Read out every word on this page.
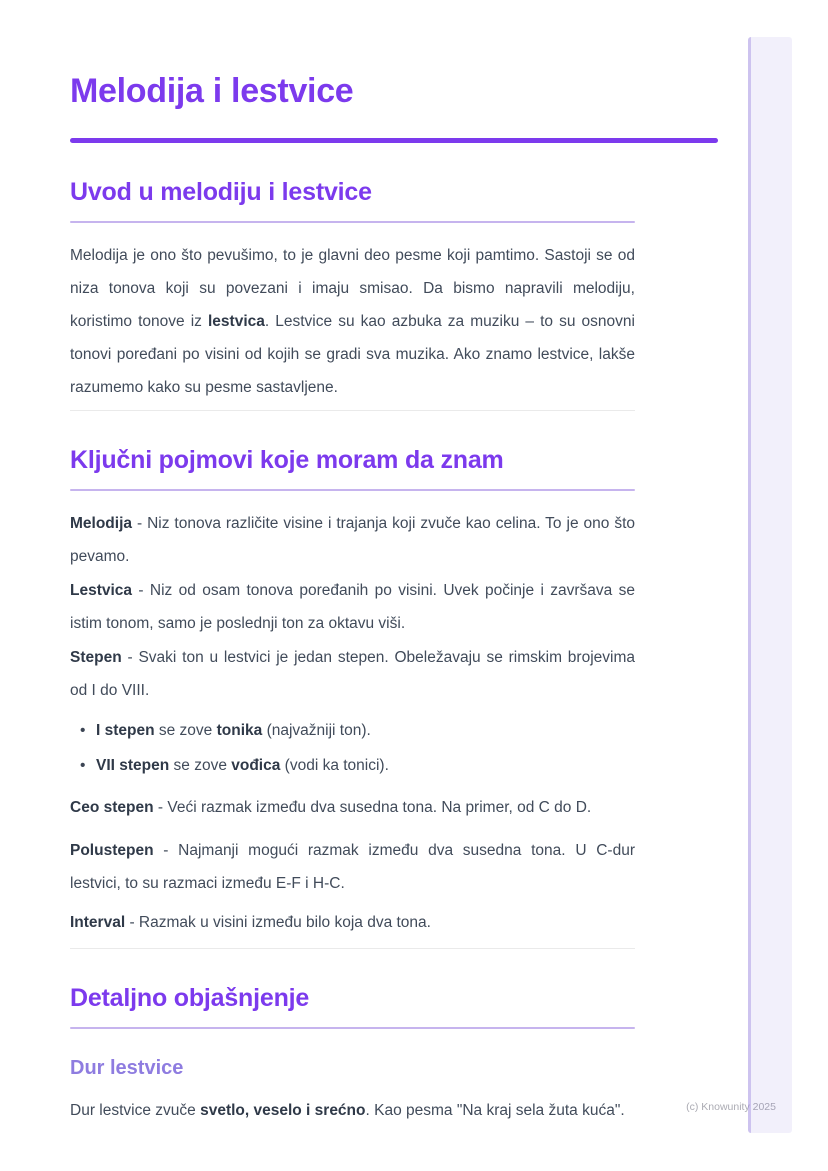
Melodija i lestvice
Uvod u melodiju i lestvice

Melodija je ono što pevušimo, to je glavni deo pesme koji pamtimo. Sastoji se od niza tonova koji su povezani i imaju smisao. Da bismo napravili melodiju, koristimo tonove iz lestvica. Lestvice su kao azbuka za muziku – to su osnovni tonovi poređani po visini od kojih se gradi sva muzika. Ako znamo lestvice, lakše razumemo kako su pesme sastavljene.

Ključni pojmovi koje moram da znam

Melodija - Niz tonova različite visine i trajanja koji zvuče kao celina. To je ono što pevamo.

Lestvica - Niz od osam tonova poređanih po visini. Uvek počinje i završava se istim tonom, samo je poslednji ton za oktavu viši.

Stepen - Svaki ton u lestvici je jedan stepen. Obeležavaju se rimskim brojevima od I do VIII.

• I stepen se zove tonika (najvažniji ton).
• VII stepen se zove vođica (vodi ka tonici).

Ceo stepen - Veći razmak između dva susedna tona. Na primer, od C do D.

Polustepen - Najmanji mogući razmak između dva susedna tona. U C-dur lestvici, to su razmaci između E-F i H-C.

Interval - Razmak u visini između bilo koja dva tona.

Detaljno objašnjenje
Dur lestvice

Dur lestvice zvuče svetlo, veselo i srećno. Kao pesma "Na kraj sela žuta kuća".	(c) Knowunity 2025
